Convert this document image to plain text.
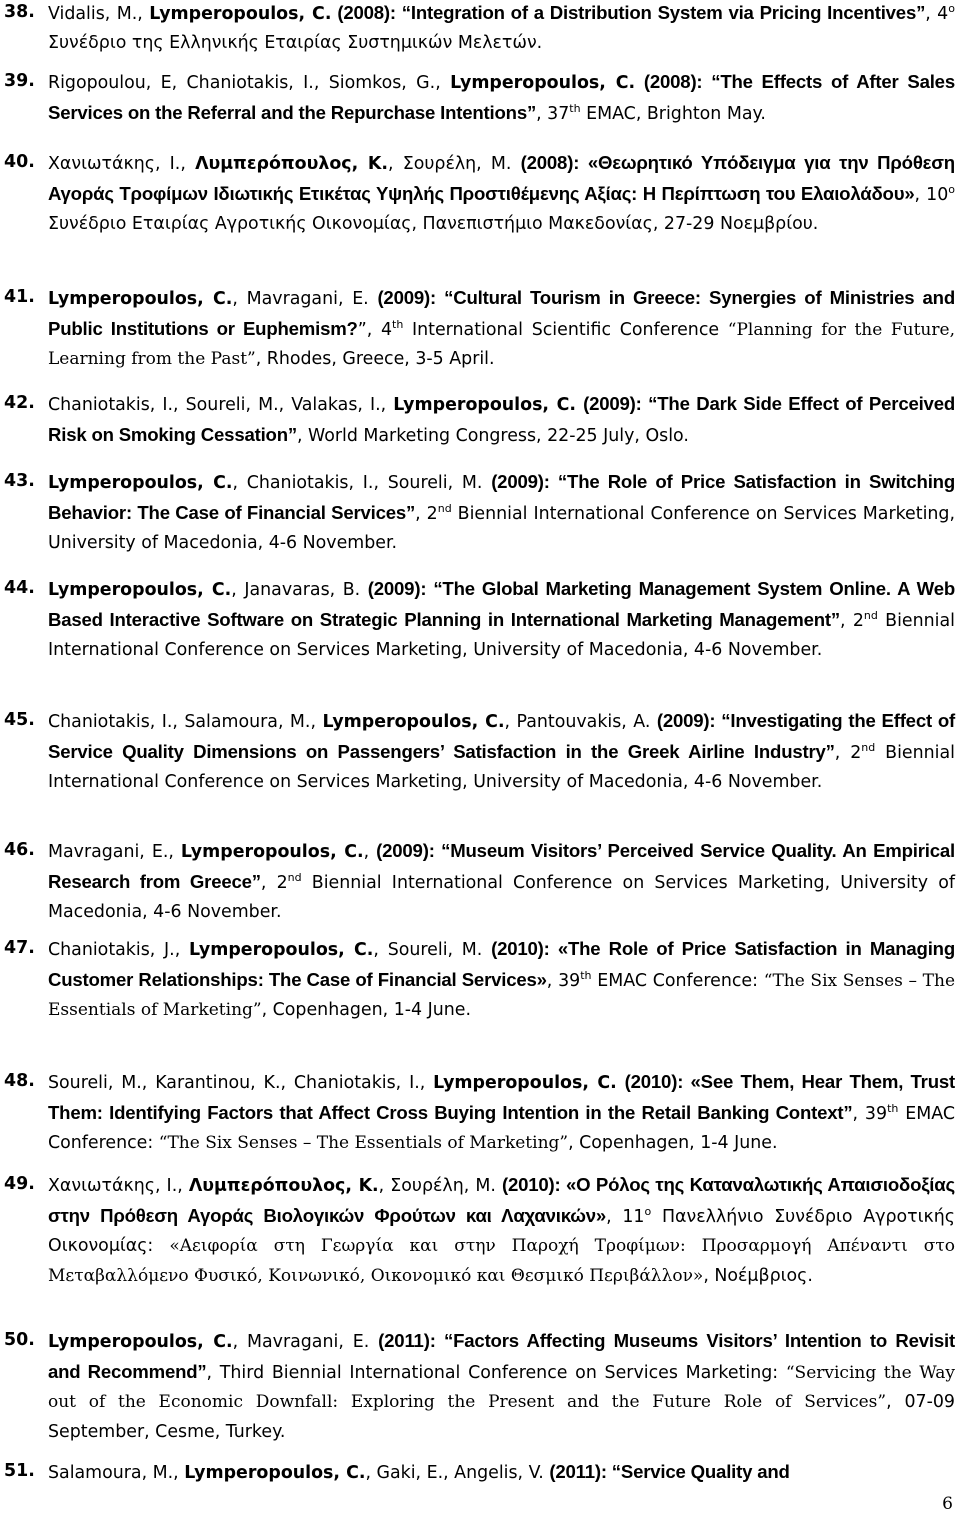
38. Vidalis, M., Lymperopoulos, C. (2008): “Integration of a Distribution System via Pricing Incentives”, 4$^o$ Συνέδριο της Ελληνικής Εταιρίας Συστημικών Μελετών.
39. Rigopoulou, E, Chaniotakis, I., Siomkos, G., Lymperopoulos, C. (2008): “The Effects of After Sales Services on the Referral and the Repurchase Intentions”, 37th EMAC, Brighton May.
40. Χανιωτάκης, Ι., Λυμπερόπουλος, Κ., Σουρέλη, Μ. (2008): «Θεωρητικό Υπόδειγμα για την Πρόθεση Αγοράς Τροφίμων Ιδιωτικής Ετικέτας Υψηλής Προστιθέμενης Αξίας: Η Περίπτωση του Ελαιολάδου», $10^o$ Συνέδριο Εταιρίας Αγροτικής Οικονομίας, Πανεπιστήμιο Μακεδονίας, 27-29 Νοεμβρίου.
41. Lymperopoulos, C., Mavragani, E. (2009): “Cultural Tourism in Greece: Synergies of Ministries and Public Institutions or Euphemism?”, 4th International Scientific Conference “Planning for the Future, Learning from the Past”, Rhodes, Greece, 3-5 April.
42. Chaniotakis, I., Soureli, M., Valakas, I., Lymperopoulos, C. (2009): “The Dark Side Effect of Perceived Risk on Smoking Cessation”, World Marketing Congress, 22-25 July, Oslo.
43. Lymperopoulos, C., Chaniotakis, I., Soureli, M. (2009): “The Role of Price Satisfaction in Switching Behavior: The Case of Financial Services”, 2nd Biennial International Conference on Services Marketing, University of Macedonia, 4-6 November.
44. Lymperopoulos, C., Janavaras, B. (2009): “The Global Marketing Management System Online. A Web Based Interactive Software on Strategic Planning in International Marketing Management”, 2nd Biennial International Conference on Services Marketing, University of Macedonia, 4-6 November.
45. Chaniotakis, I., Salamoura, M., Lymperopoulos, C., Pantouvakis, A. (2009): “Investigating the Effect of Service Quality Dimensions on Passengers’ Satisfaction in the Greek Airline Industry”, 2nd Biennial International Conference on Services Marketing, University of Macedonia, 4-6 November.
46. Mavragani, E., Lymperopoulos, C., (2009): “Museum Visitors’ Perceived Service Quality. An Empirical Research from Greece”, 2nd Biennial International Conference on Services Marketing, University of Macedonia, 4-6 November.
47. Chaniotakis, J., Lymperopoulos, C., Soureli, M. (2010): «The Role of Price Satisfaction in Managing Customer Relationships: The Case of Financial Services», 39th EMAC Conference: “The Six Senses – The Essentials of Marketing”, Copenhagen, 1-4 June.
48. Soureli, M., Karantinou, K., Chaniotakis, I., Lymperopoulos, C. (2010): «See Them, Hear Them, Trust Them: Identifying Factors that Affect Cross Buying Intention in the Retail Banking Context”, 39th EMAC Conference: “The Six Senses – The Essentials of Marketing”, Copenhagen, 1-4 June.
49. Χανιωτάκης, Ι., Λυμπερόπουλος, Κ., Σουρέλη, Μ. (2010): «Ο Ρόλος της Καταναλωτικής Απαισιοδοξίας στην Πρόθεση Αγοράς Βιολογικών Φρούτων και Λαχανικών», $11^o$ Πανελλήνιο Συνέδριο Αγροτικής Οικονομίας: «Αειφορία στη Γεωργία και στην Παροχή Τροφίμων: Προσαρμογή Απέναντι στο Μεταβαλλόμενο Φυσικό, Κοινωνικό, Οικονομικό και Θεσμικό Περιβάλλον», Νοέμβριος.
50. Lymperopoulos, C., Mavragani, E. (2011): “Factors Affecting Museums Visitors’ Intention to Revisit and Recommend”, Third Biennial International Conference on Services Marketing: “Servicing the Way out of the Economic Downfall: Exploring the Present and the Future Role of Services”, 07-09 September, Cesme, Turkey.
51. Salamoura, M., Lymperopoulos, C., Gaki, E., Angelis, V. (2011): “Service Quality and
6
